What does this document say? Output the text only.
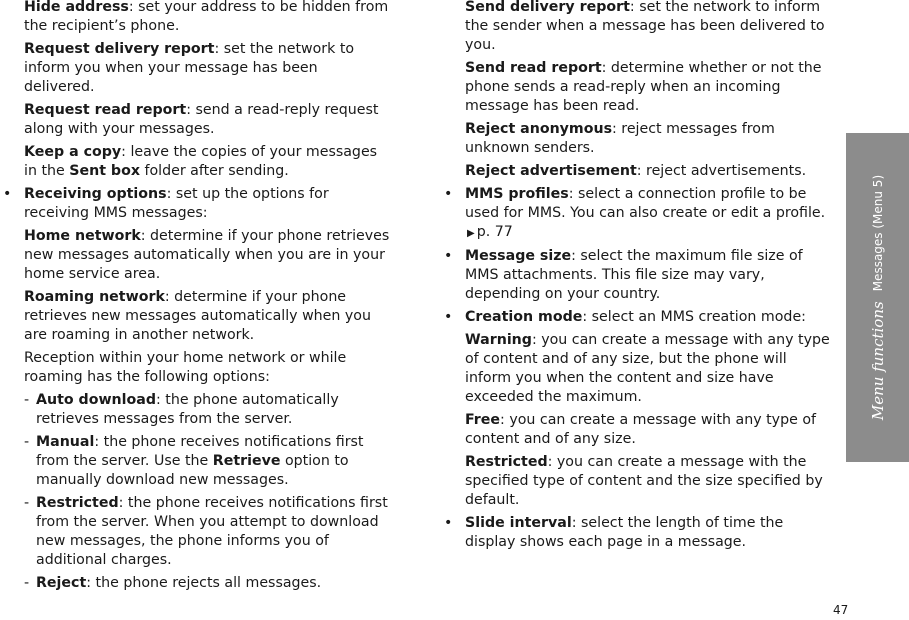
Hide address: set your address to be hidden from the recipient’s phone.

Request delivery report: set the network to inform you when your message has been delivered.

Request read report: send a read-reply request along with your messages.

Keep a copy: leave the copies of your messages in the Sent box folder after sending.

• Receiving options: set up the options for receiving MMS messages:

Home network: determine if your phone retrieves new messages automatically when you are in your home service area.

Roaming network: determine if your phone retrieves new messages automatically when you are roaming in another network.

Reception within your home network or while roaming has the following options:

- Auto download: the phone automatically retrieves messages from the server.

- Manual: the phone receives notifications first from the server. Use the Retrieve option to manually download new messages.

- Restricted: the phone receives notifications first from the server. When you attempt to download new messages, the phone informs you of additional charges.

- Reject: the phone rejects all messages.

Send delivery report: set the network to inform the sender when a message has been delivered to you.

Send read report: determine whether or not the phone sends a read-reply when an incoming message has been read.

Reject anonymous: reject messages from unknown senders.

Reject advertisement: reject advertisements.

• MMS profiles: select a connection profile to be used for MMS. You can also create or edit a profile. ▶ p. 77

• Message size: select the maximum file size of MMS attachments. This file size may vary, depending on your country.

• Creation mode: select an MMS creation mode:

Warning: you can create a message with any type of content and of any size, but the phone will inform you when the content and size have exceeded the maximum.

Free: you can create a message with any type of content and of any size.

Restricted: you can create a message with the specified type of content and the size specified by default.

• Slide interval: select the length of time the display shows each page in a message.

Menu functions
Messages (Menu 5)
47
